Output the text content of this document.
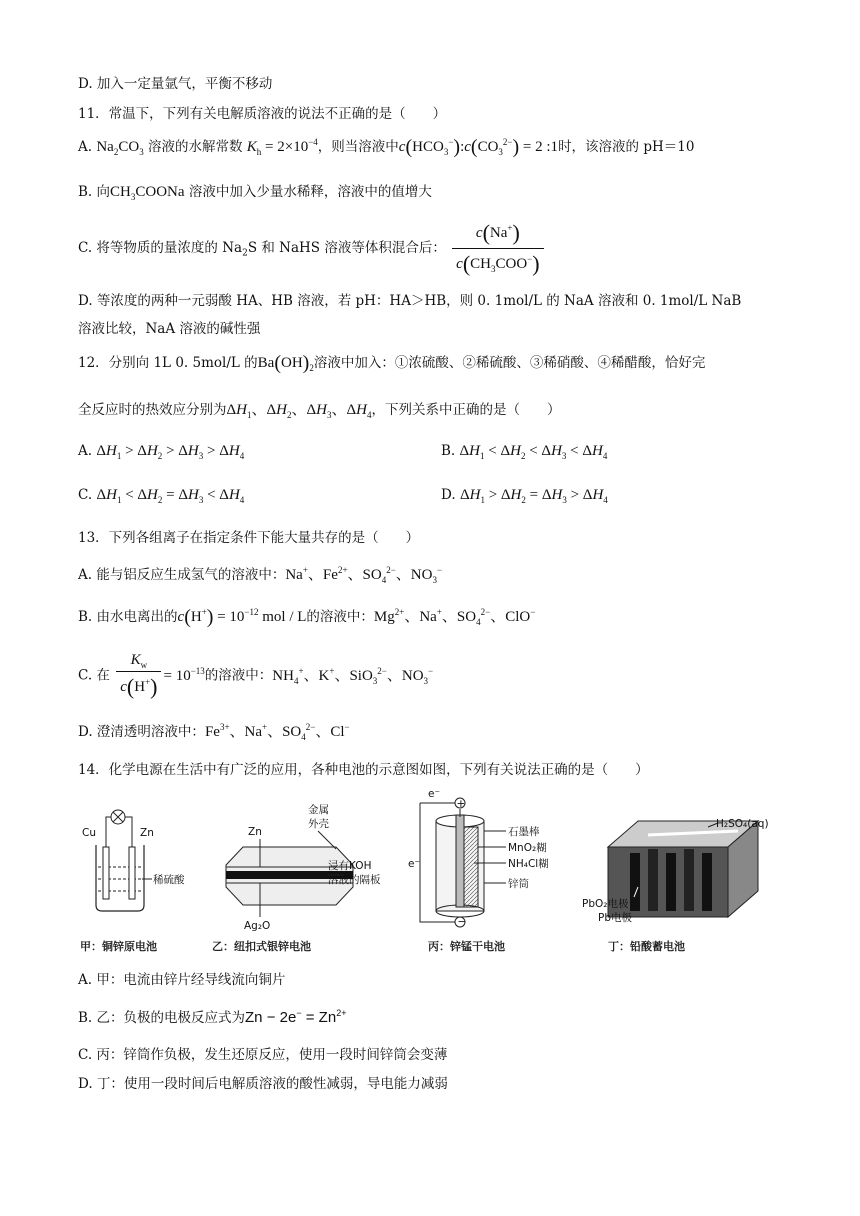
D. 加入一定量氩气，平衡不移动
11．常温下，下列有关电解质溶液的说法不正确的是（　　）
A. $Na_2CO_3$ 溶液的水解常数 $K_h = 2\times 10^{-4}$，则当溶液中$c(HCO_3^-):c(CO_3^{2-}) = 2$ :1时，该溶液的 pH＝10
B. 向$CH_3COONa$ 溶液中加入少量水稀释，溶液中的值增大
C. 将等物质的量浓度的 $Na_2S$ 和 NaHS 溶液等体积混合后： $\frac{c(Na^+)}{c(CH_3COO^-)}$
D. 等浓度的两种一元弱酸 HA、HB 溶液，若 pH：HA＞HB，则 0. 1mol/L 的 NaA 溶液和 0. 1mol/L NaB
溶液比较，NaA 溶液的碱性强
12．分别向 1L 0. 5mol/L 的$Ba(OH)_2$溶液中加入：①浓硫酸、②稀硫酸、③稀硝酸、④稀醋酸，恰好完
全反应时的热效应分别为$\Delta H_1$、$\Delta H_2$、$\Delta H_3$、$\Delta H_4$，下列关系中正确的是（　　）
A. $\Delta H_1 > \Delta H_2 > \Delta H_3 > \Delta H_4$	B. $\Delta H_1 < \Delta H_2 < \Delta H_3 < \Delta H_4$
C. $\Delta H_1 < \Delta H_2 = \Delta H_3 < \Delta H_4$	D. $\Delta H_1 > \Delta H_2 = \Delta H_3 > \Delta H_4$
13．下列各组离子在指定条件下能大量共存的是（　　）
A. 能与铝反应生成氢气的溶液中：Na+、$Fe^{2+}$、$SO_4^{2-}$、$NO_3^-$
B. 由水电离出的$c(H^+) = 10^{-12}$ mol / L的溶液中：$Mg^{2+}$、Na+、$SO_4^{2-}$、ClO−
C. 在 $\frac{K_w}{c(H^+)} = 10^{-13}$的溶液中：$NH_4^+$、K+、SiO$_3^{2-}$、$NO_3^-$
D. 澄清透明溶液中：$Fe^{3+}$、Na+、$SO_4^{2-}$、Cl−
14．化学电源在生活中有广泛的应用，各种电池的示意图如图，下列有关说法正确的是（　　）
Cu	Zn
稀硫酸
甲：铜锌原电池
Zn
Ag₂O
金属
外壳
浸有KOH
溶液的隔板
乙：纽扣式银锌电池
e⁻
e⁻
+
−
石墨棒
MnO₂糊
NH₄Cl糊
锌筒
丙：锌锰干电池
H₂SO₄(aq)
PbO₂电极
Pb电极
丁：铅酸蓄电池
A. 甲：电流由锌片经导线流向铜片
B. 乙：负极的电极反应式为$Zn - 2e^- = Zn^{2+}$
C. 丙：锌筒作负极，发生还原反应，使用一段时间锌筒会变薄
D. 丁：使用一段时间后电解质溶液的酸性减弱，导电能力减弱
